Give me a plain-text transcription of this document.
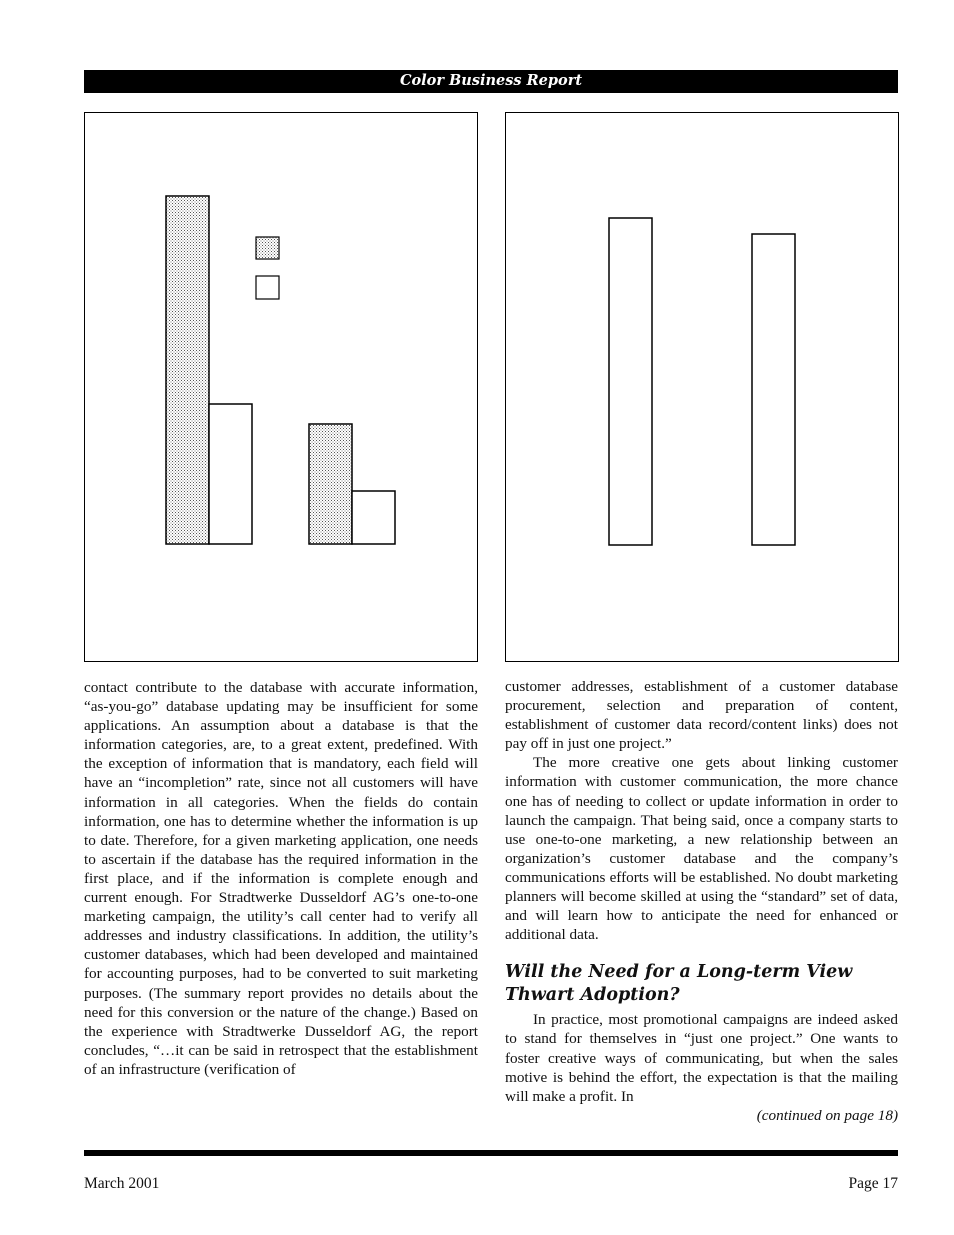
Color Business Report

contact contribute to the database with accurate information, “as-you-go” database updating may be insufficient for some applications. An assumption about a database is that the information categories, are, to a great extent, predefined. With the exception of information that is mandatory, each field will have an “incompletion” rate, since not all customers will have information in all categories. When the fields do contain information, one has to determine whether the information is up to date. Therefore, for a given marketing application, one needs to ascertain if the database has the required information in the first place, and if the information is complete enough and current enough. For Stradtwerke Dusseldorf AG’s one-to-one marketing campaign, the utility’s call center had to verify all addresses and industry classifications. In addition, the utility’s customer databases, which had been developed and maintained for accounting purposes, had to be converted to suit marketing purposes. (The summary report provides no details about the need for this conversion or the nature of the change.) Based on the experience with Stradtwerke Dusseldorf AG, the report concludes, “…it can be said in retrospect that the establishment of an infrastructure (verification of

customer addresses, establishment of a customer database procurement, selection and preparation of content, establishment of customer data record/content links) does not pay off in just one project.”

The more creative one gets about linking customer information with customer communication, the more chance one has of needing to collect or update information in order to launch the campaign. That being said, once a company starts to use one-to-one marketing, a new relationship between an organization’s customer database and the company’s communications efforts will be established. No doubt marketing planners will become skilled at using the “standard” set of data, and will learn how to anticipate the need for enhanced or additional data.

Will the Need for a Long-term View Thwart Adoption?

In practice, most promotional campaigns are indeed asked to stand for themselves in “just one project.” One wants to foster creative ways of communicating, but when the sales motive is behind the effort, the expectation is that the mailing will make a profit. In

(continued on page 18)

March 2001	Page 17
